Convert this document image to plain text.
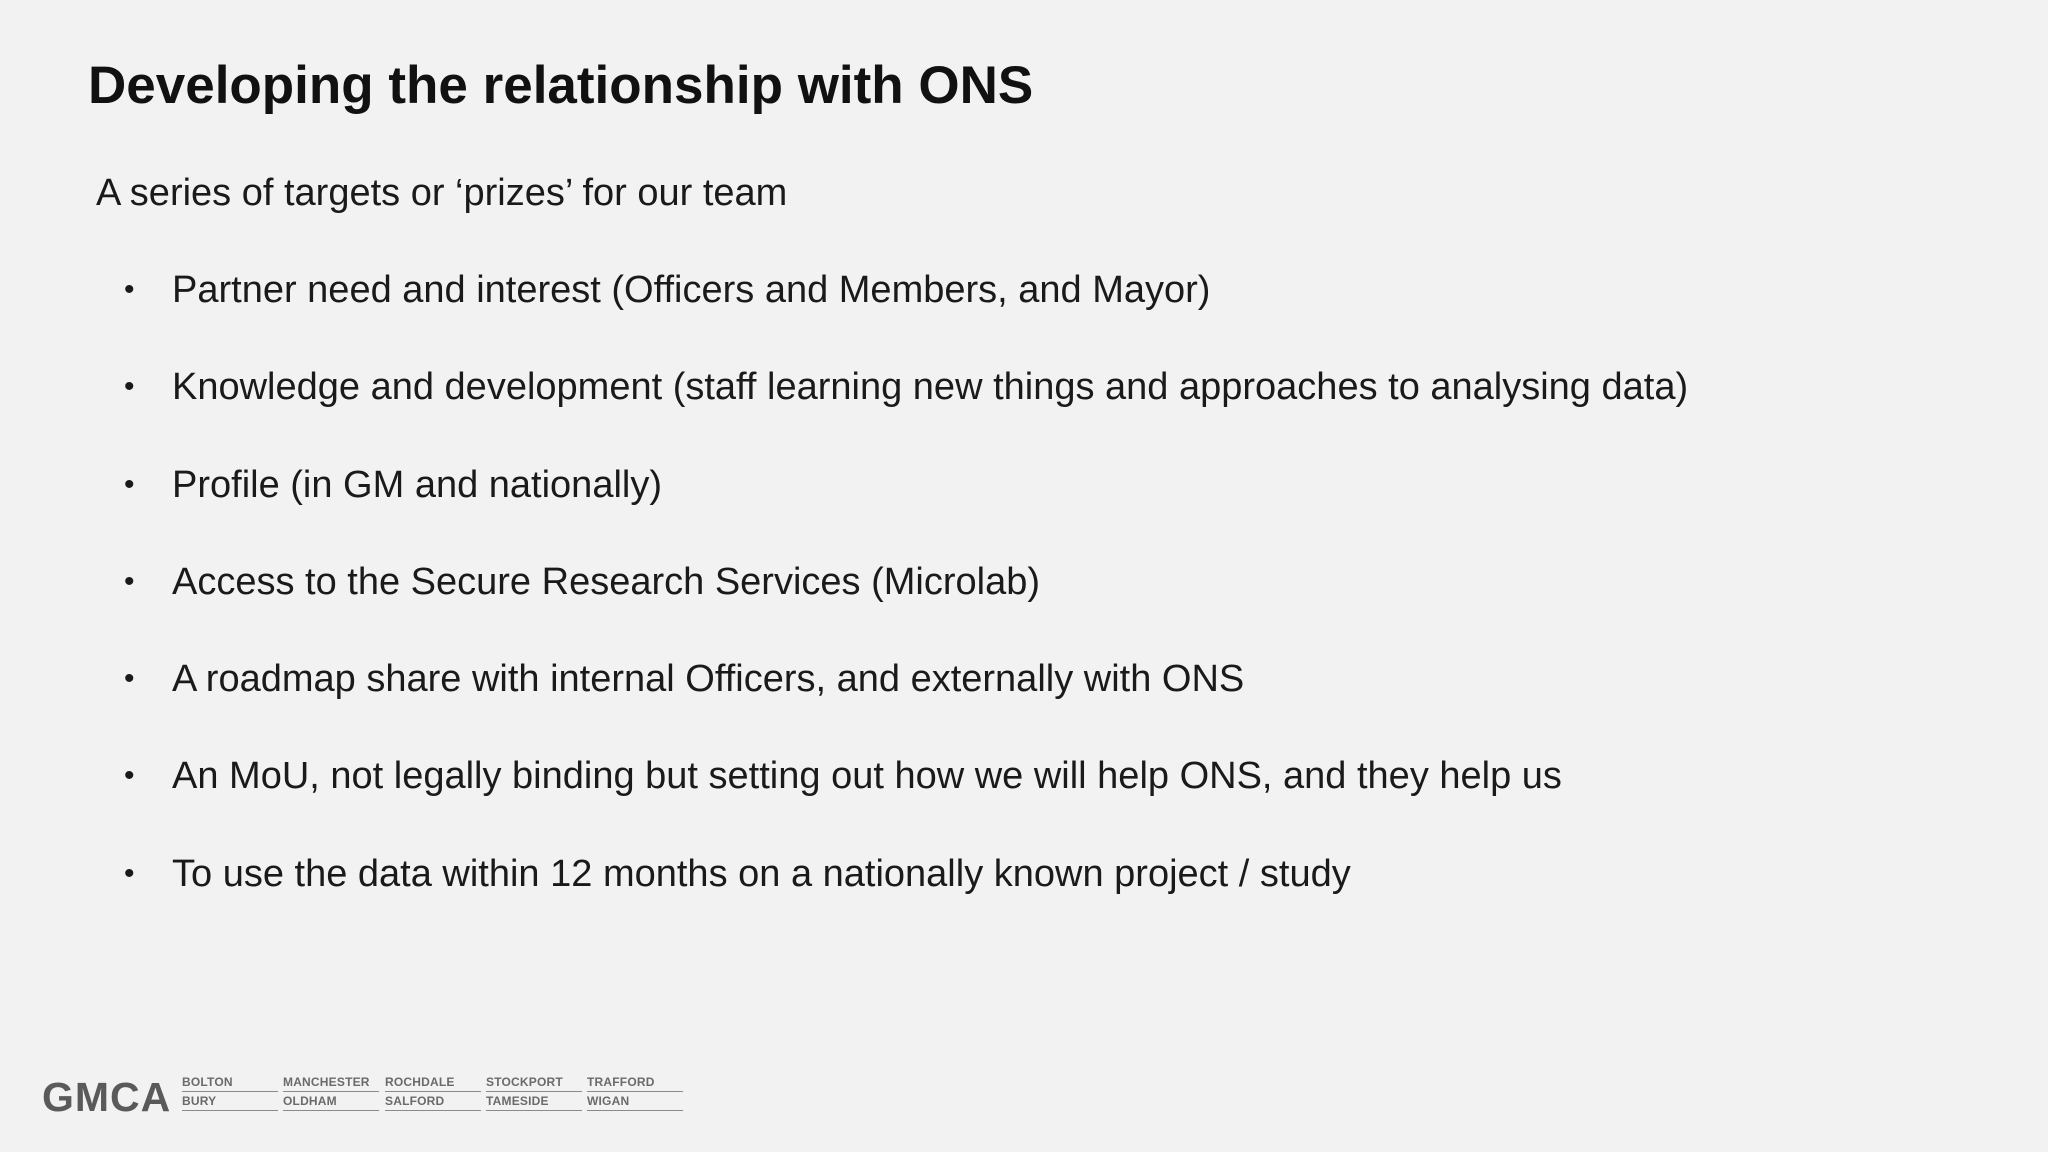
Developing the relationship with ONS

A series of targets or ‘prizes’ for our team

• Partner need and interest (Officers and Members, and Mayor)
• Knowledge and development (staff learning new things and approaches to analysing data)
• Profile (in GM and nationally)
• Access to the Secure Research Services (Microlab)
• A roadmap share with internal Officers, and externally with ONS
• An MoU, not legally binding but setting out how we will help ONS, and they help us
• To use the data within 12 months on a nationally known project / study
GMCA BOLTON
BURY
MANCHESTER
OLDHAM
ROCHDALE
SALFORD
STOCKPORT
TAMESIDE
TRAFFORD
WIGAN
